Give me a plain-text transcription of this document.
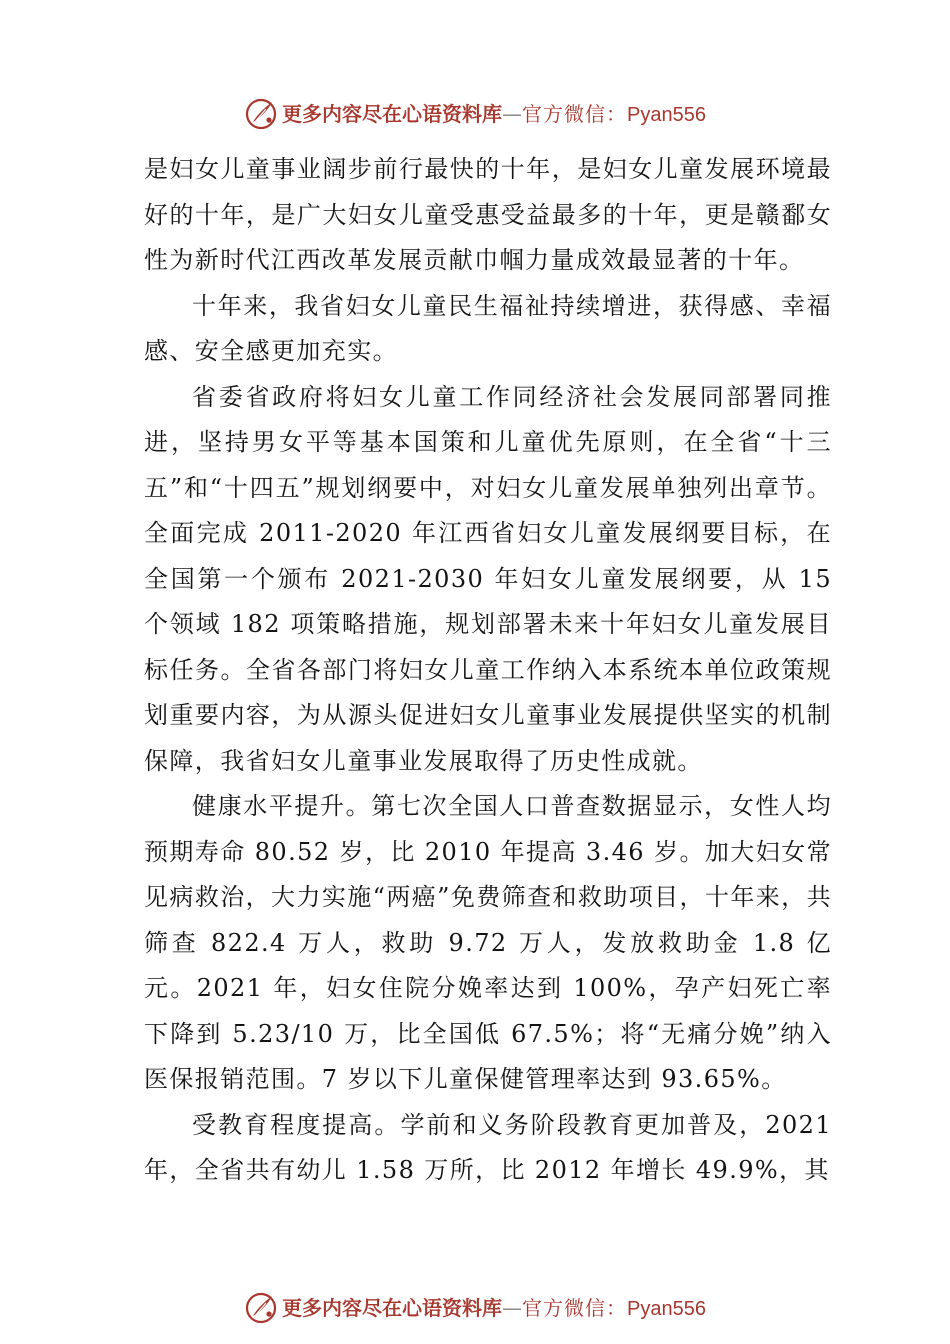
更多内容尽在心语资料库—官方微信：Pyan556

是妇女儿童事业阔步前行最快的十年，是妇女儿童发展环境最好的十年，是广大妇女儿童受惠受益最多的十年，更是赣鄱女性为新时代江西改革发展贡献巾帼力量成效最显著的十年。

十年来，我省妇女儿童民生福祉持续增进，获得感、幸福感、安全感更加充实。

省委省政府将妇女儿童工作同经济社会发展同部署同推进，坚持男女平等基本国策和儿童优先原则，在全省“十三五”和“十四五”规划纲要中，对妇女儿童发展单独列出章节。全面完成 2011-2020 年江西省妇女儿童发展纲要目标，在全国第一个颁布 2021-2030 年妇女儿童发展纲要，从 15 个领域 182 项策略措施，规划部署未来十年妇女儿童发展目标任务。全省各部门将妇女儿童工作纳入本系统本单位政策规划重要内容，为从源头促进妇女儿童事业发展提供坚实的机制保障，我省妇女儿童事业发展取得了历史性成就。

健康水平提升。第七次全国人口普查数据显示，女性人均预期寿命 80.52 岁，比 2010 年提高 3.46 岁。加大妇女常见病救治，大力实施“两癌”免费筛查和救助项目，十年来，共筛查 822.4 万人，救助 9.72 万人，发放救助金 1.8 亿元。2021 年，妇女住院分娩率达到 100%，孕产妇死亡率下降到 5.23/10 万，比全国低 67.5%；将“无痛分娩”纳入医保报销范围。7 岁以下儿童保健管理率达到 93.65%。

受教育程度提高。学前和义务阶段教育更加普及，2021 年，全省共有幼儿 1.58 万所，比 2012 年增长 49.9%，其

更多内容尽在心语资料库—官方微信：Pyan556
